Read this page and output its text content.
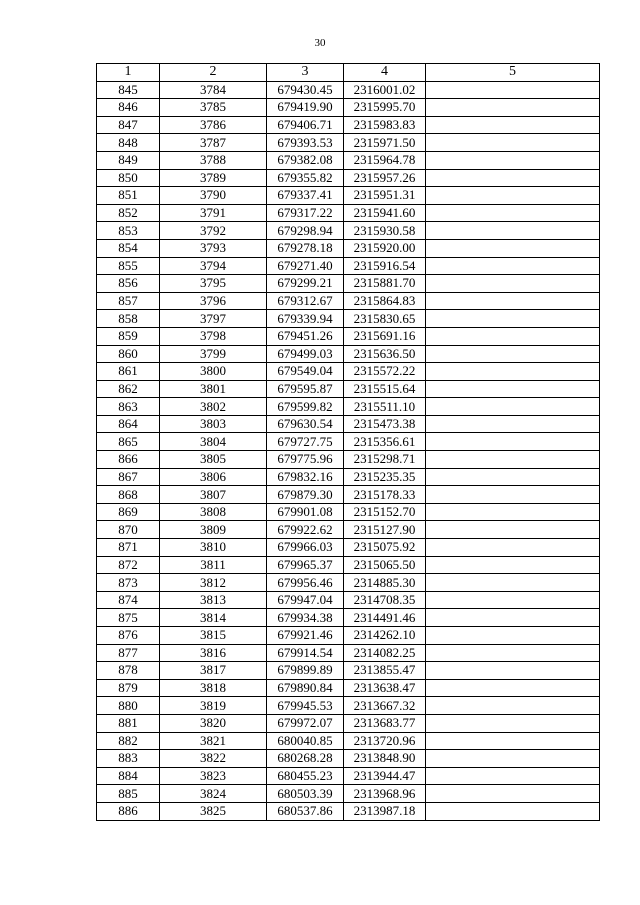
30
1	2	3	4	5
845	3784	679430.45	2316001.02	
846	3785	679419.90	2315995.70	
847	3786	679406.71	2315983.83	
848	3787	679393.53	2315971.50	
849	3788	679382.08	2315964.78	
850	3789	679355.82	2315957.26	
851	3790	679337.41	2315951.31	
852	3791	679317.22	2315941.60	
853	3792	679298.94	2315930.58	
854	3793	679278.18	2315920.00	
855	3794	679271.40	2315916.54	
856	3795	679299.21	2315881.70	
857	3796	679312.67	2315864.83	
858	3797	679339.94	2315830.65	
859	3798	679451.26	2315691.16	
860	3799	679499.03	2315636.50	
861	3800	679549.04	2315572.22	
862	3801	679595.87	2315515.64	
863	3802	679599.82	2315511.10	
864	3803	679630.54	2315473.38	
865	3804	679727.75	2315356.61	
866	3805	679775.96	2315298.71	
867	3806	679832.16	2315235.35	
868	3807	679879.30	2315178.33	
869	3808	679901.08	2315152.70	
870	3809	679922.62	2315127.90	
871	3810	679966.03	2315075.92	
872	3811	679965.37	2315065.50	
873	3812	679956.46	2314885.30	
874	3813	679947.04	2314708.35	
875	3814	679934.38	2314491.46	
876	3815	679921.46	2314262.10	
877	3816	679914.54	2314082.25	
878	3817	679899.89	2313855.47	
879	3818	679890.84	2313638.47	
880	3819	679945.53	2313667.32	
881	3820	679972.07	2313683.77	
882	3821	680040.85	2313720.96	
883	3822	680268.28	2313848.90	
884	3823	680455.23	2313944.47	
885	3824	680503.39	2313968.96	
886	3825	680537.86	2313987.18	
